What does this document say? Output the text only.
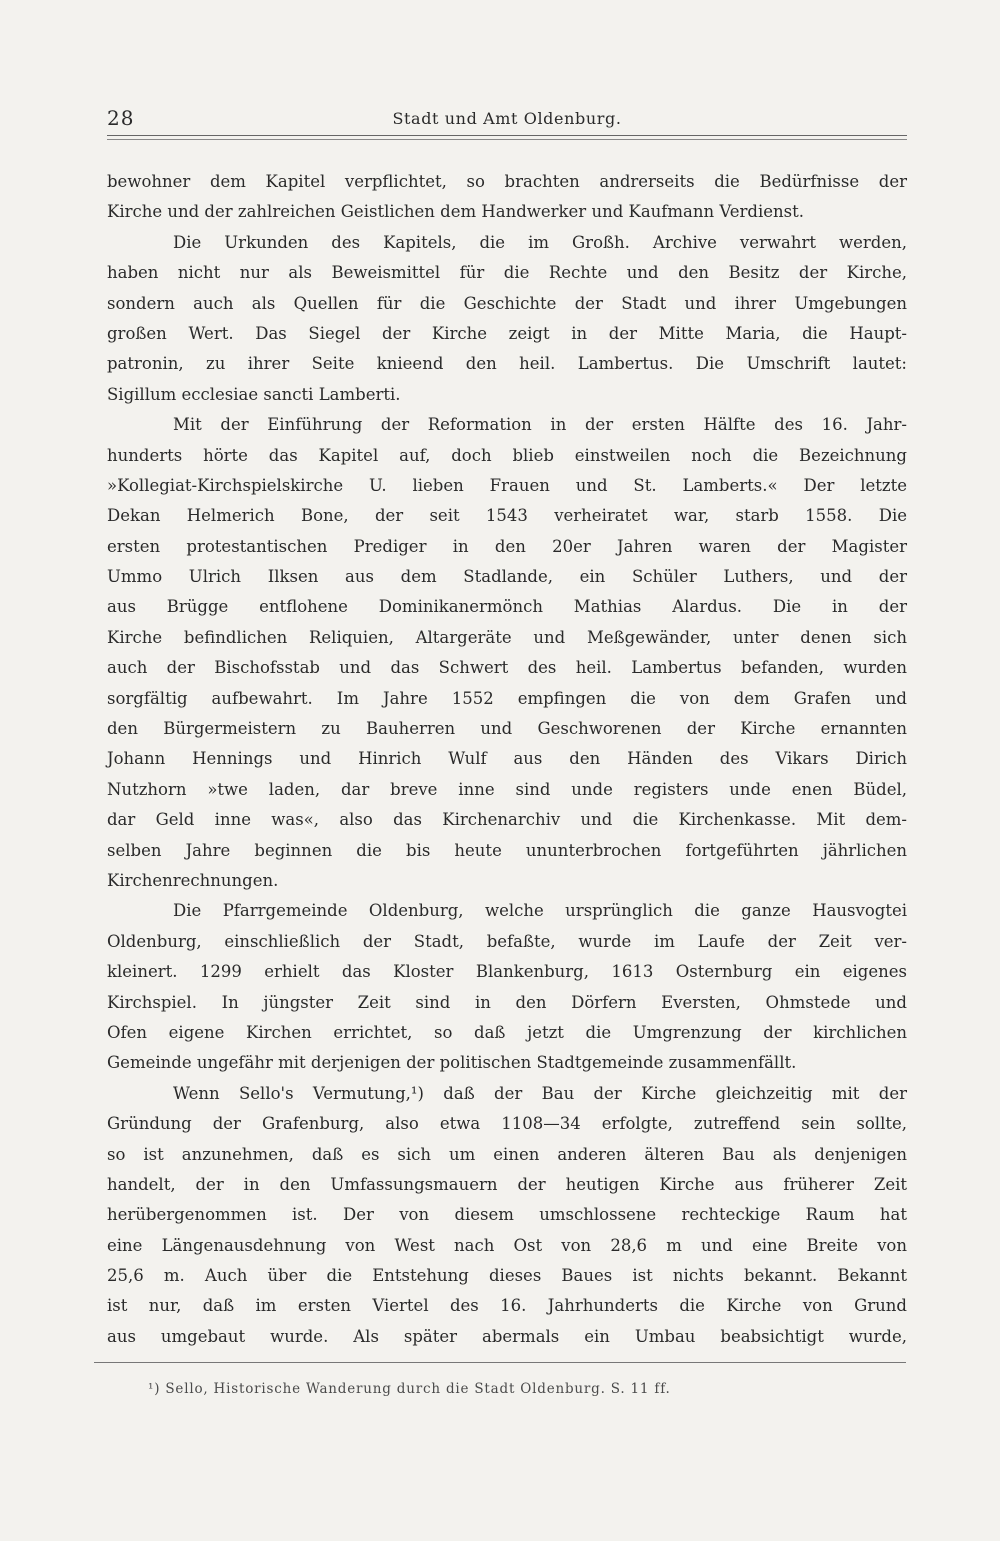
28	Stadt und Amt Oldenburg.
bewohner dem Kapitel verpflichtet, so brachten andrerseits die Bedürfnisse der
Kirche und der zahlreichen Geistlichen dem Handwerker und Kaufmann Verdienst.
Die Urkunden des Kapitels, die im Großh. Archive verwahrt werden,
haben nicht nur als Beweismittel für die Rechte und den Besitz der Kirche,
sondern auch als Quellen für die Geschichte der Stadt und ihrer Umgebungen
großen Wert. Das Siegel der Kirche zeigt in der Mitte Maria, die Haupt-
patronin, zu ihrer Seite knieend den heil. Lambertus. Die Umschrift lautet:
Sigillum ecclesiae sancti Lamberti.
Mit der Einführung der Reformation in der ersten Hälfte des 16. Jahr-
hunderts hörte das Kapitel auf, doch blieb einstweilen noch die Bezeichnung
»Kollegiat-Kirchspielskirche U. lieben Frauen und St. Lamberts.« Der letzte
Dekan Helmerich Bone, der seit 1543 verheiratet war, starb 1558. Die
ersten protestantischen Prediger in den 20er Jahren waren der Magister
Ummo Ulrich Ilksen aus dem Stadlande, ein Schüler Luthers, und der
aus Brügge entflohene Dominikanermönch Mathias Alardus. Die in der
Kirche befindlichen Reliquien, Altargeräte und Meßgewänder, unter denen sich
auch der Bischofsstab und das Schwert des heil. Lambertus befanden, wurden
sorgfältig aufbewahrt. Im Jahre 1552 empfingen die von dem Grafen und
den Bürgermeistern zu Bauherren und Geschworenen der Kirche ernannten
Johann Hennings und Hinrich Wulf aus den Händen des Vikars Dirich
Nutzhorn »twe laden, dar breve inne sind unde registers unde enen Büdel,
dar Geld inne was«, also das Kirchenarchiv und die Kirchenkasse. Mit dem-
selben Jahre beginnen die bis heute ununterbrochen fortgeführten jährlichen
Kirchenrechnungen.
Die Pfarrgemeinde Oldenburg, welche ursprünglich die ganze Hausvogtei
Oldenburg, einschließlich der Stadt, befaßte, wurde im Laufe der Zeit ver-
kleinert. 1299 erhielt das Kloster Blankenburg, 1613 Osternburg ein eigenes
Kirchspiel. In jüngster Zeit sind in den Dörfern Eversten, Ohmstede und
Ofen eigene Kirchen errichtet, so daß jetzt die Umgrenzung der kirchlichen
Gemeinde ungefähr mit derjenigen der politischen Stadtgemeinde zusammenfällt.
Wenn Sello's Vermutung,¹) daß der Bau der Kirche gleichzeitig mit der
Gründung der Grafenburg, also etwa 1108—34 erfolgte, zutreffend sein sollte,
so ist anzunehmen, daß es sich um einen anderen älteren Bau als denjenigen
handelt, der in den Umfassungsmauern der heutigen Kirche aus früherer Zeit
herübergenommen ist. Der von diesem umschlossene rechteckige Raum hat
eine Längenausdehnung von West nach Ost von 28,6 m und eine Breite von
25,6 m. Auch über die Entstehung dieses Baues ist nichts bekannt. Bekannt
ist nur, daß im ersten Viertel des 16. Jahrhunderts die Kirche von Grund
aus umgebaut wurde. Als später abermals ein Umbau beabsichtigt wurde,
¹) Sello, Historische Wanderung durch die Stadt Oldenburg. S. 11 ff.
